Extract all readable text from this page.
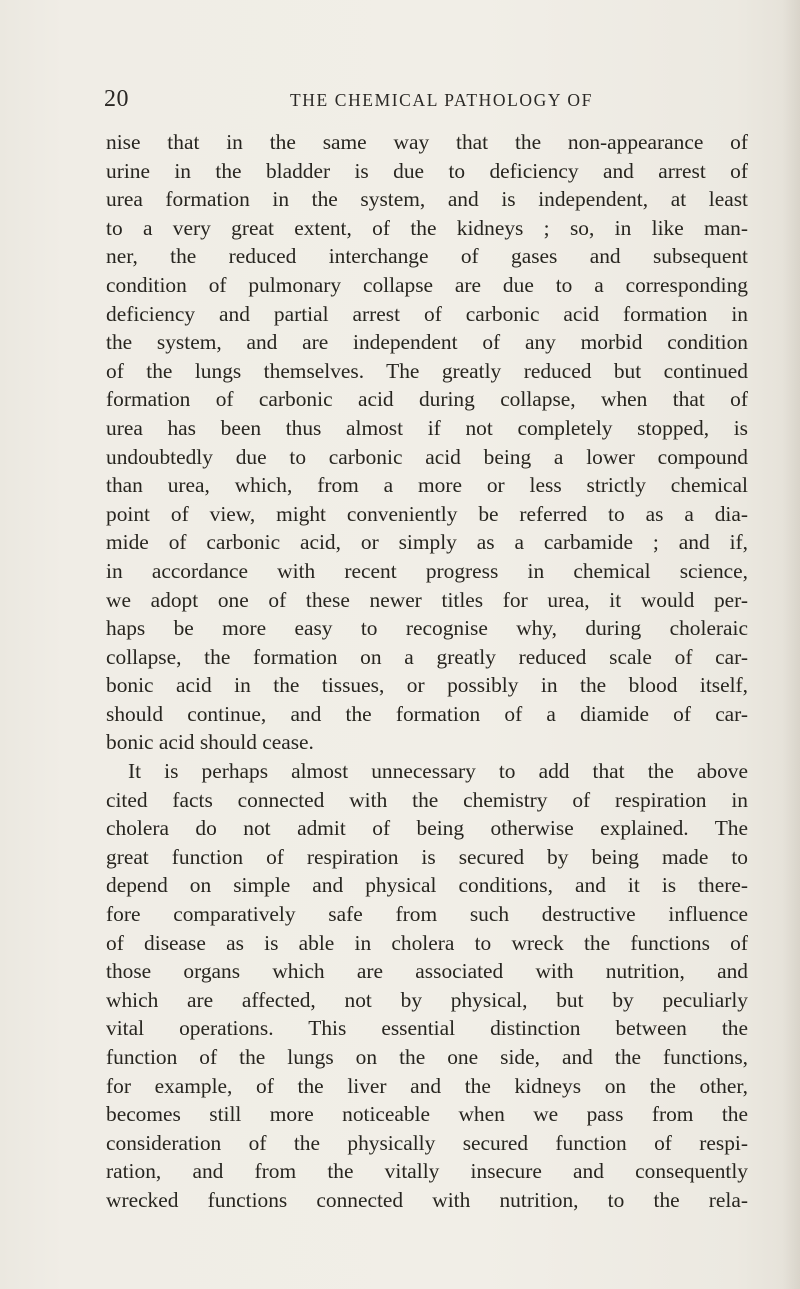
20	THE CHEMICAL PATHOLOGY OF
nise that in the same way that the non-appearance of
urine in the bladder is due to deficiency and arrest of
urea formation in the system, and is independent, at least
to a very great extent, of the kidneys ; so, in like man-
ner, the reduced interchange of gases and subsequent
condition of pulmonary collapse are due to a corresponding
deficiency and partial arrest of carbonic acid formation in
the system, and are independent of any morbid condition
of the lungs themselves. The greatly reduced but continued
formation of carbonic acid during collapse, when that of
urea has been thus almost if not completely stopped, is
undoubtedly due to carbonic acid being a lower compound
than urea, which, from a more or less strictly chemical
point of view, might conveniently be referred to as a dia-
mide of carbonic acid, or simply as a carbamide ; and if,
in accordance with recent progress in chemical science,
we adopt one of these newer titles for urea, it would per-
haps be more easy to recognise why, during choleraic
collapse, the formation on a greatly reduced scale of car-
bonic acid in the tissues, or possibly in the blood itself,
should continue, and the formation of a diamide of car-
bonic acid should cease.
It is perhaps almost unnecessary to add that the above
cited facts connected with the chemistry of respiration in
cholera do not admit of being otherwise explained. The
great function of respiration is secured by being made to
depend on simple and physical conditions, and it is there-
fore comparatively safe from such destructive influence
of disease as is able in cholera to wreck the functions of
those organs which are associated with nutrition, and
which are affected, not by physical, but by peculiarly
vital operations. This essential distinction between the
function of the lungs on the one side, and the functions,
for example, of the liver and the kidneys on the other,
becomes still more noticeable when we pass from the
consideration of the physically secured function of respi-
ration, and from the vitally insecure and consequently
wrecked functions connected with nutrition, to the rela-
